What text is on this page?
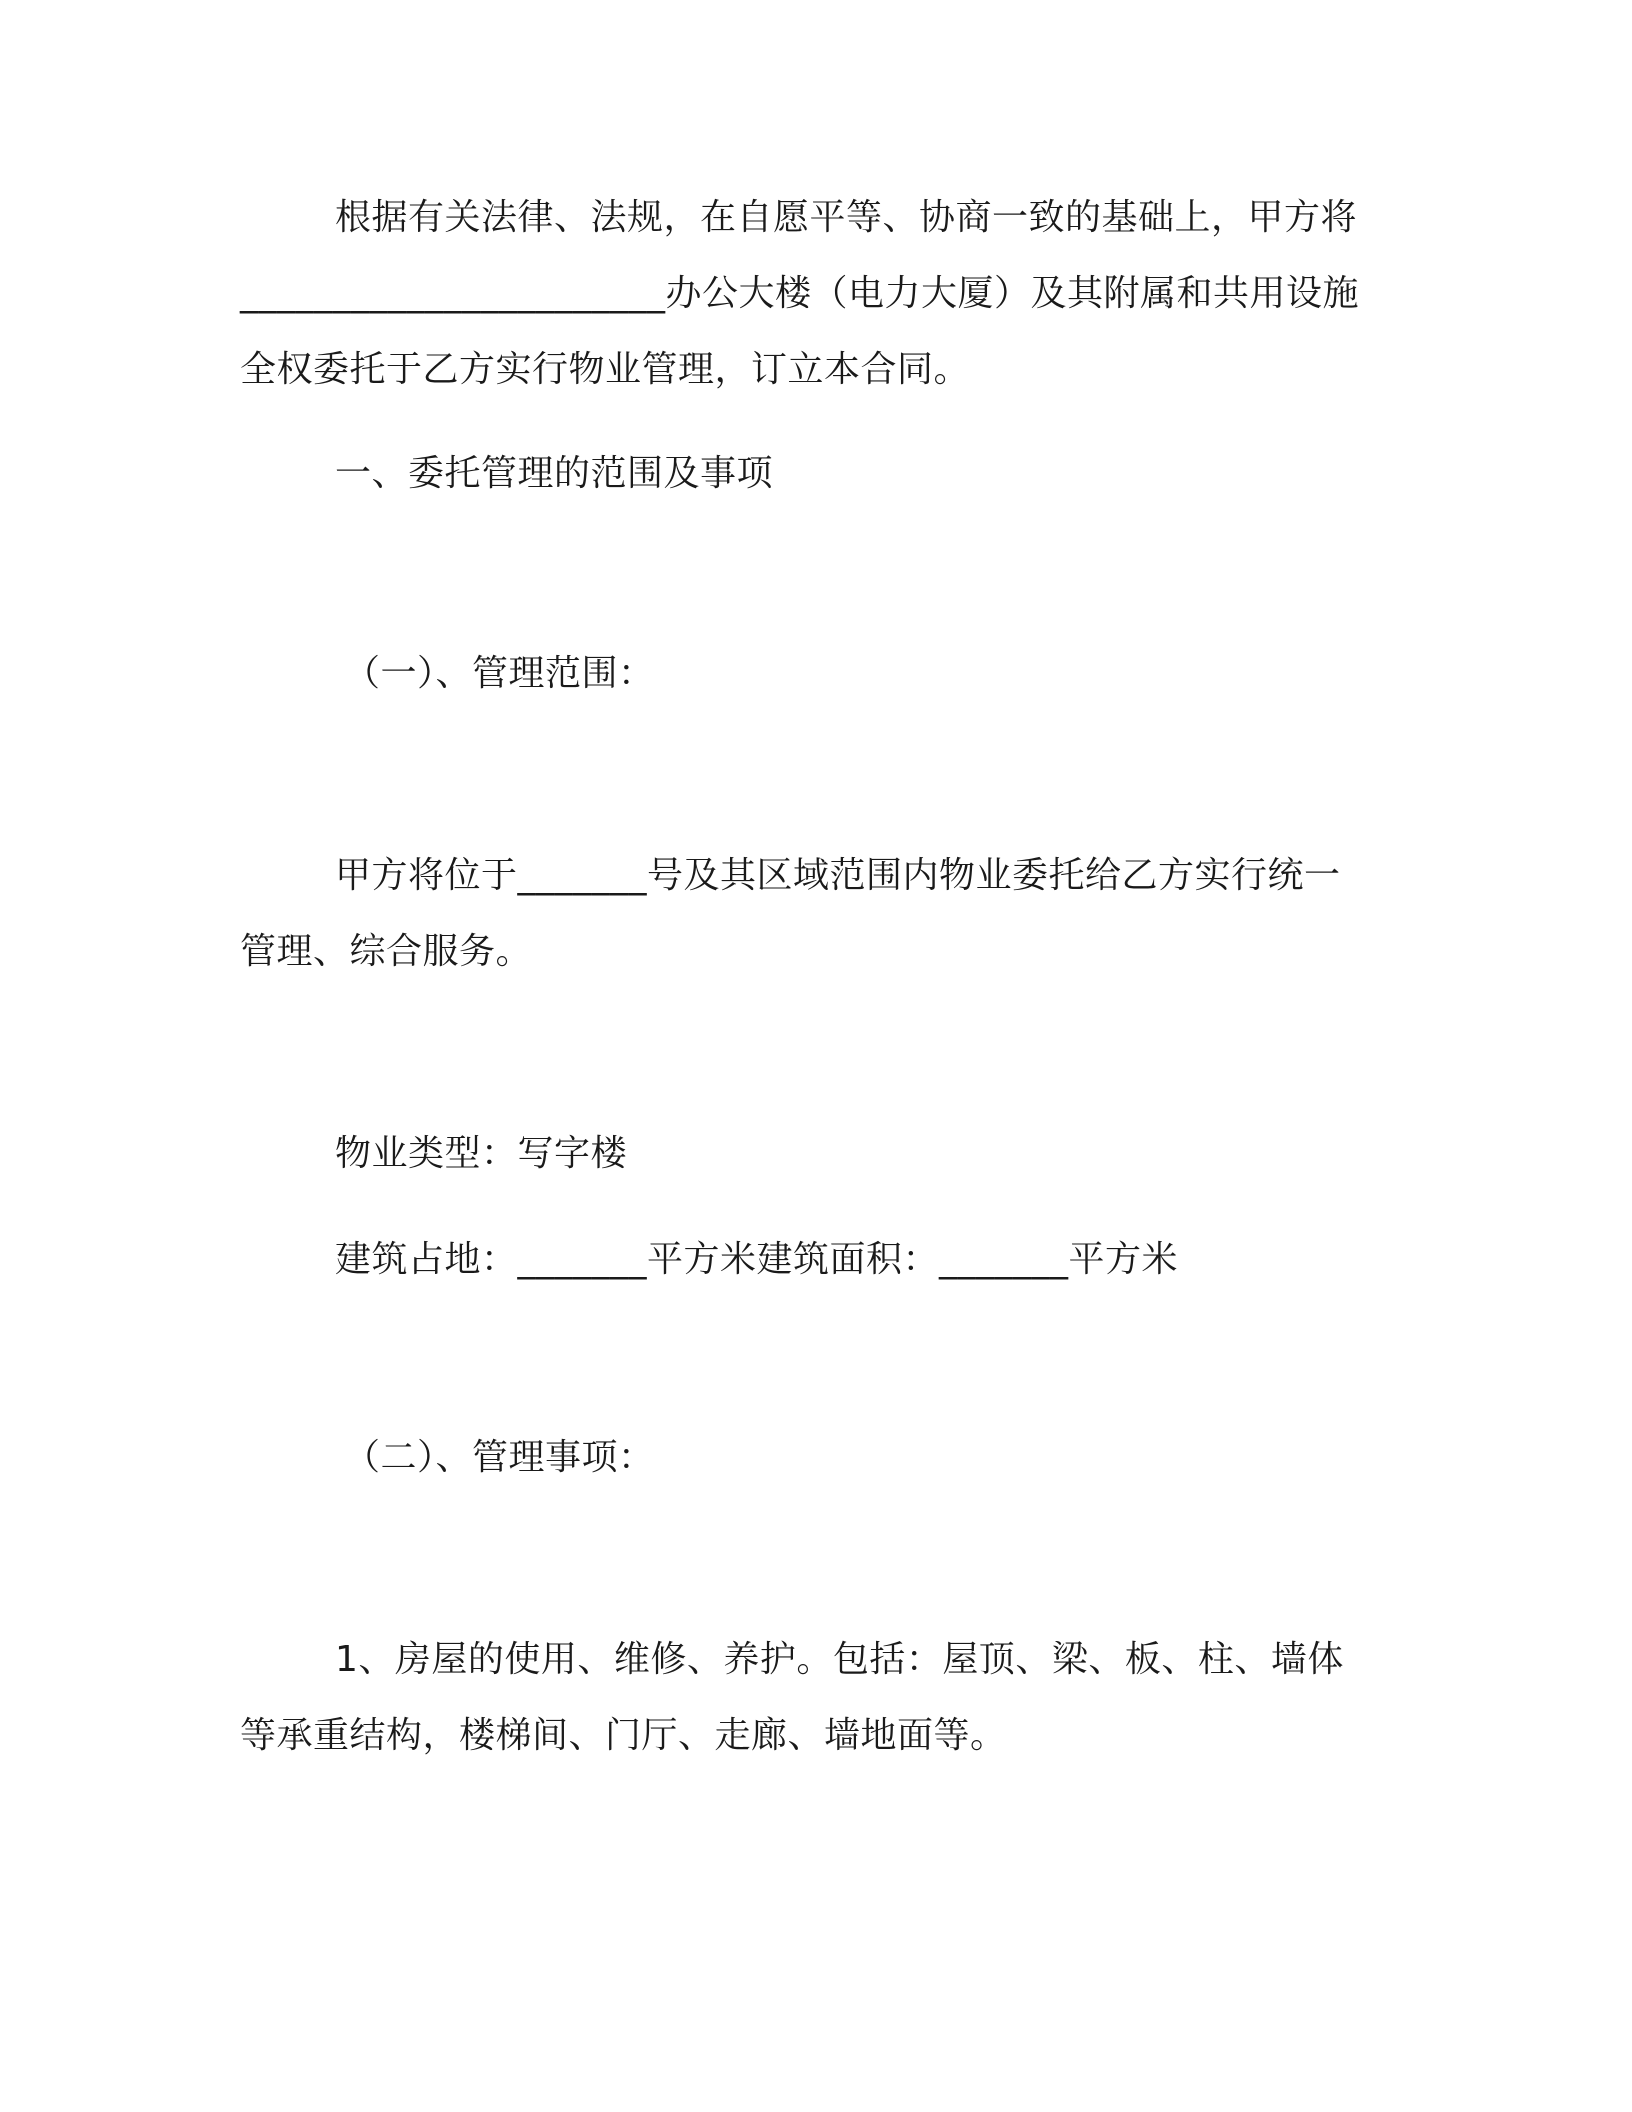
根据有关法律、法规，在自愿平等、协商一致的基础上，甲方将
_______________________办公大楼（电力大厦）及其附属和共用设施
全权委托于乙方实行物业管理，订立本合同。
一、委托管理的范围及事项
（一）、管理范围：
甲方将位于_______号及其区域范围内物业委托给乙方实行统一
管理、综合服务。
物业类型：写字楼
建筑占地：_______平方米建筑面积：_______平方米
（二）、管理事项：
1、房屋的使用、维修、养护。包括：屋顶、梁、板、柱、墙体
等承重结构，楼梯间、门厅、走廊、墙地面等。
